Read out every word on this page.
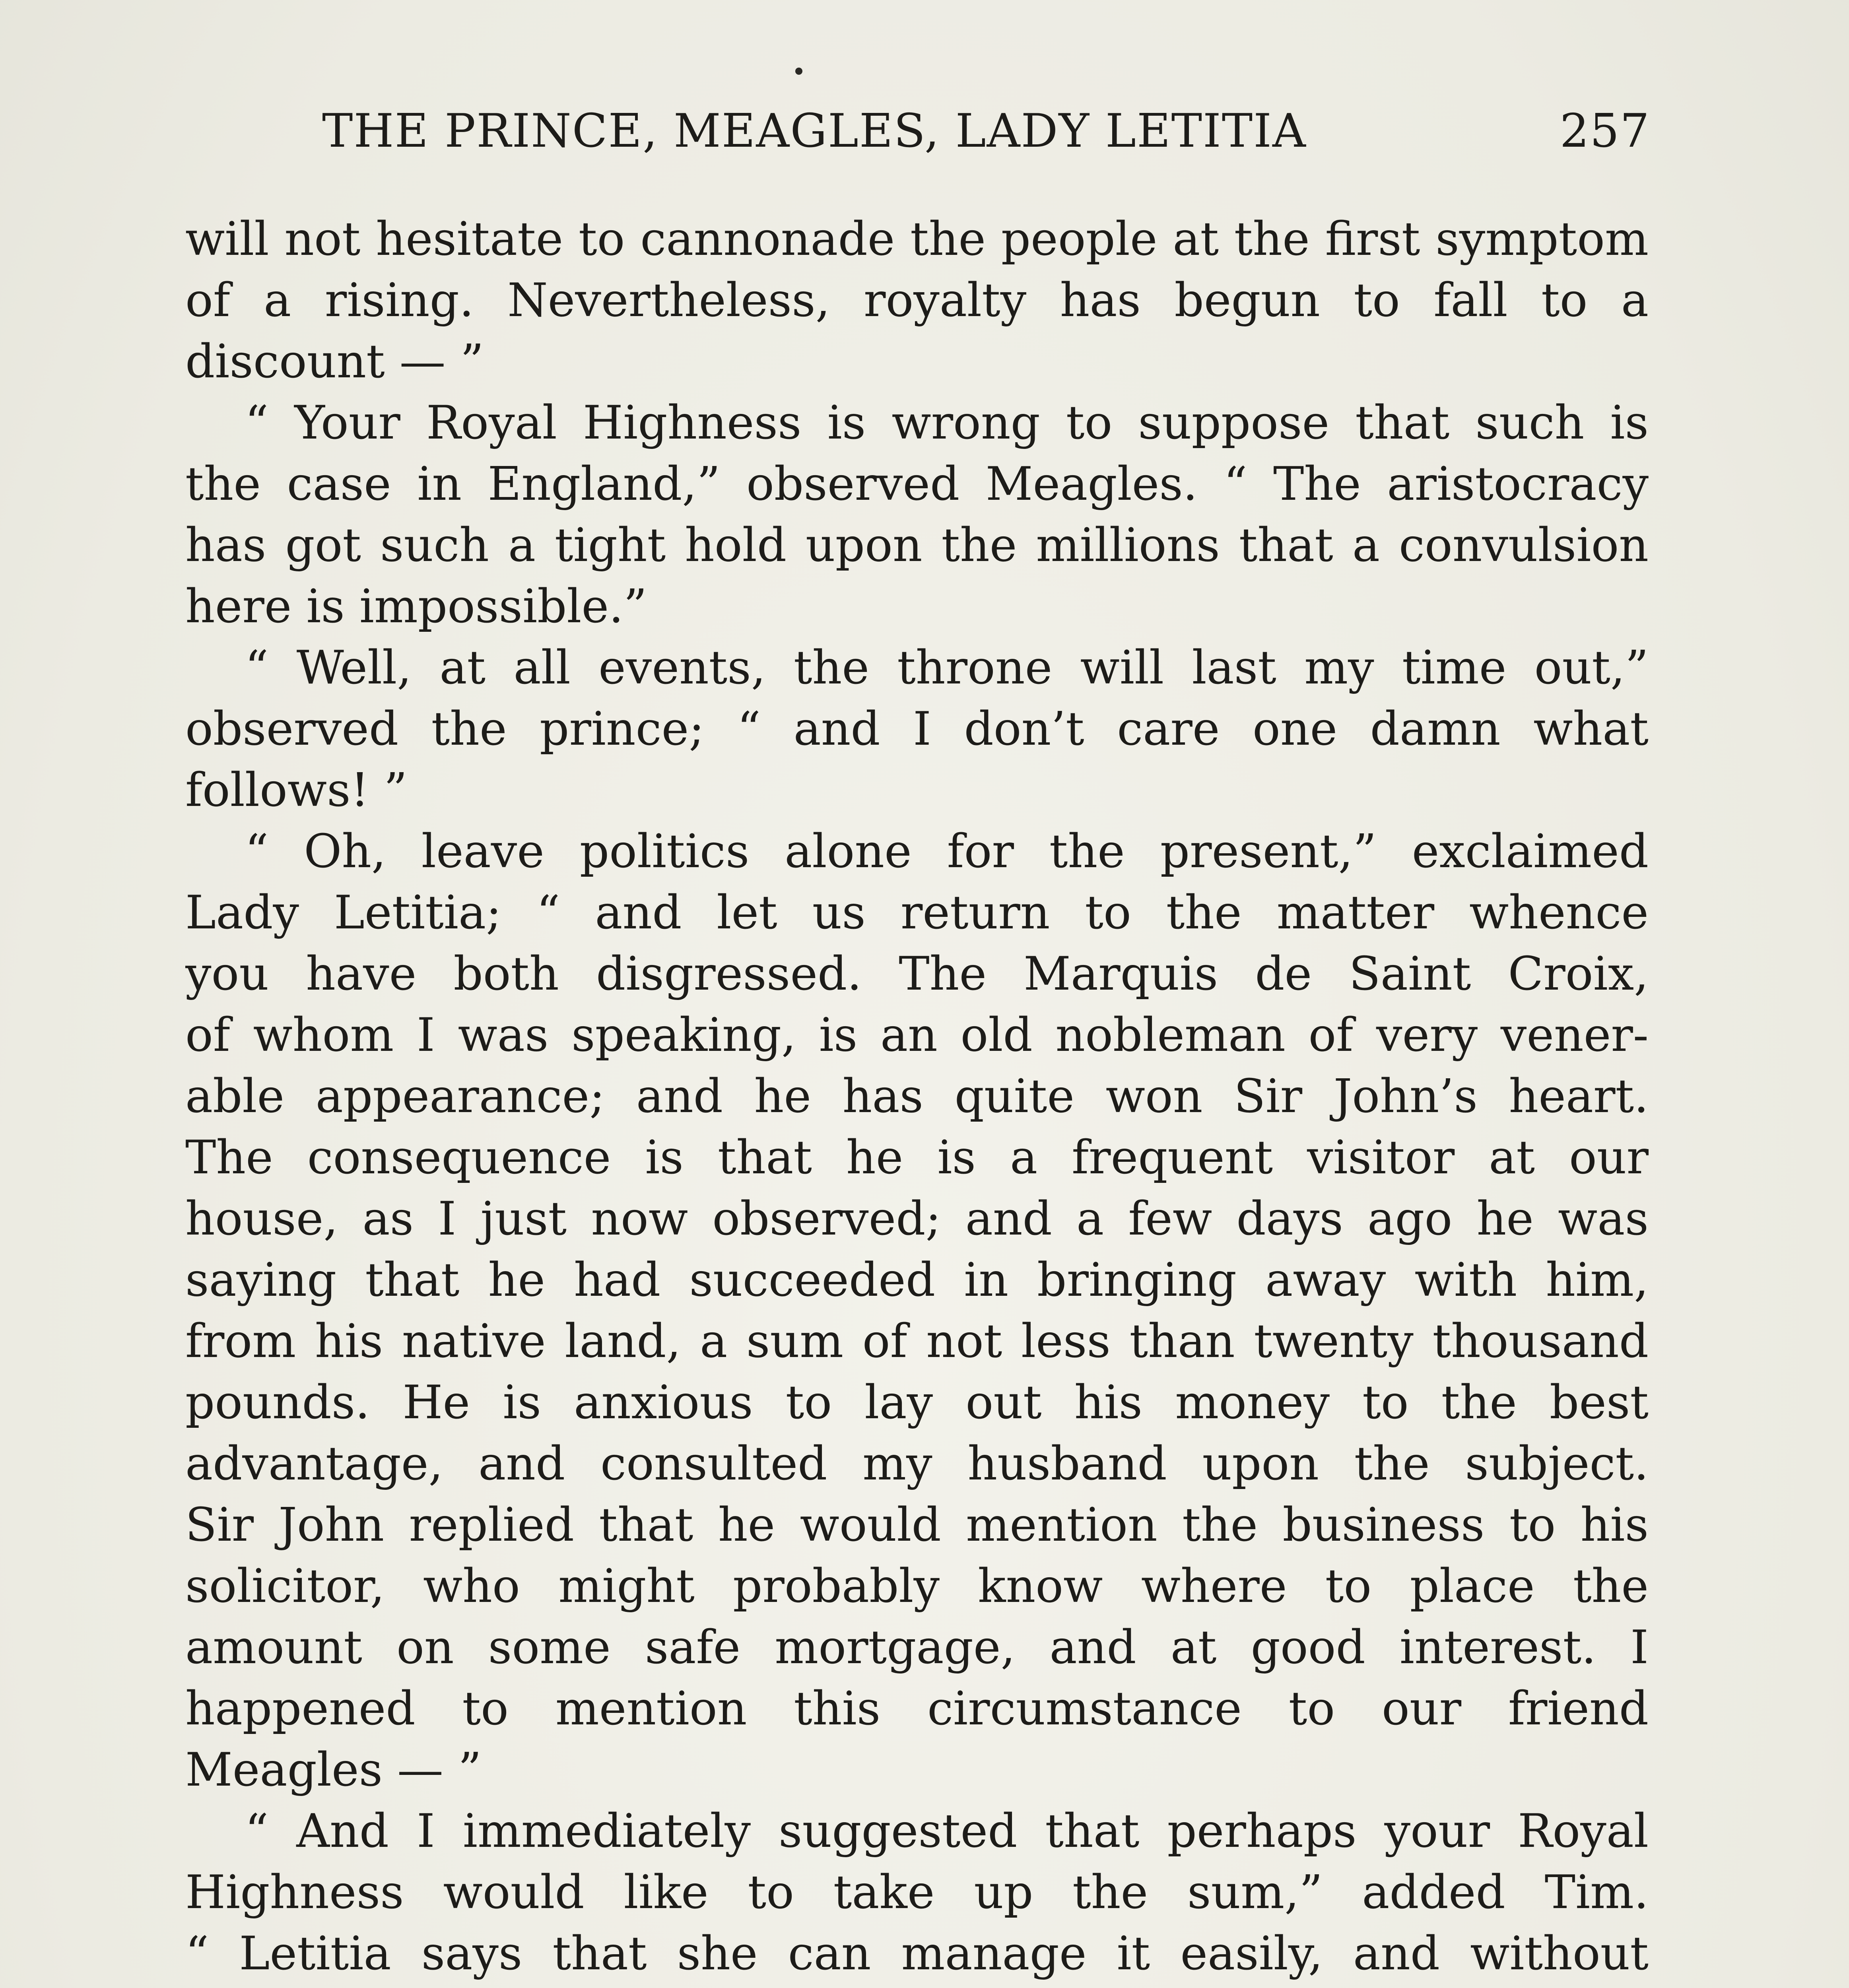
THE PRINCE, MEAGLES, LADY LETITIA	257
will not hesitate to cannonade the people at the first symptom
of a rising. Nevertheless, royalty has begun to fall to a
discount — ”
“ Your Royal Highness is wrong to suppose that such is
the case in England,” observed Meagles. “ The aristocracy
has got such a tight hold upon the millions that a convulsion
here is impossible.”
“ Well, at all events, the throne will last my time out,”
observed the prince; “ and I don’t care one damn what
follows! ”
“ Oh, leave politics alone for the present,” exclaimed
Lady Letitia; “ and let us return to the matter whence
you have both disgressed. The Marquis de Saint Croix,
of whom I was speaking, is an old nobleman of very vener-
able appearance; and he has quite won Sir John’s heart.
The consequence is that he is a frequent visitor at our
house, as I just now observed; and a few days ago he was
saying that he had succeeded in bringing away with him,
from his native land, a sum of not less than twenty thousand
pounds. He is anxious to lay out his money to the best
advantage, and consulted my husband upon the subject.
Sir John replied that he would mention the business to his
solicitor, who might probably know where to place the
amount on some safe mortgage, and at good interest. I
happened to mention this circumstance to our friend
Meagles — ”
“ And I immediately suggested that perhaps your Royal
Highness would like to take up the sum,” added Tim.
“ Letitia says that she can manage it easily, and without
